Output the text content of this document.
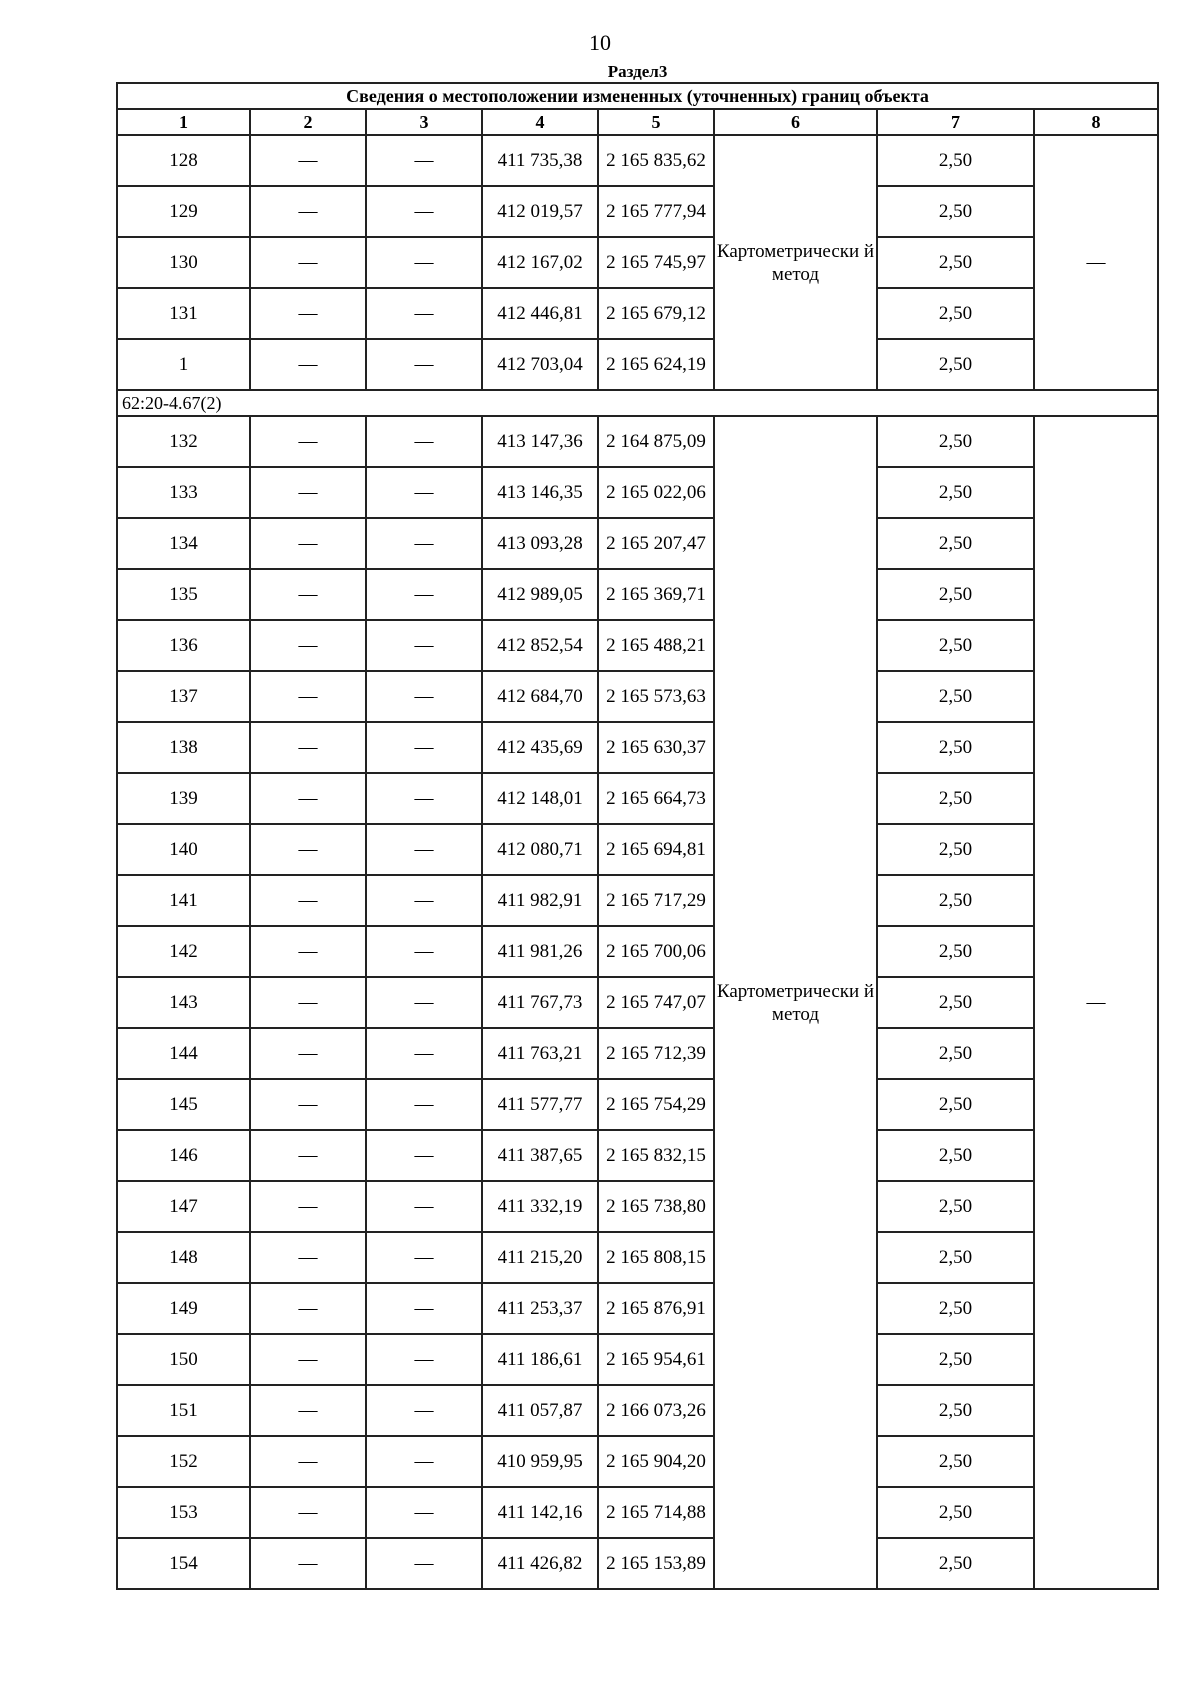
10
Раздел3							
Сведения о местоположении измененных (уточненных) границ объекта							
1	2	3	4	5	6	7	8
128	—	—	411 735,38	2 165 835,62	Картометрически й метод	2,50	—
129	—	—	412 019,57	2 165 777,94		2,50	
130	—	—	412 167,02	2 165 745,97		2,50	
131	—	—	412 446,81	2 165 679,12		2,50	
1	—	—	412 703,04	2 165 624,19		2,50	
62:20-4.67(2)							
132	—	—	413 147,36	2 164 875,09	Картометрически й метод	2,50	—
133	—	—	413 146,35	2 165 022,06		2,50	
134	—	—	413 093,28	2 165 207,47		2,50	
135	—	—	412 989,05	2 165 369,71		2,50	
136	—	—	412 852,54	2 165 488,21		2,50	
137	—	—	412 684,70	2 165 573,63		2,50	
138	—	—	412 435,69	2 165 630,37		2,50	
139	—	—	412 148,01	2 165 664,73		2,50	
140	—	—	412 080,71	2 165 694,81		2,50	
141	—	—	411 982,91	2 165 717,29		2,50	
142	—	—	411 981,26	2 165 700,06		2,50	
143	—	—	411 767,73	2 165 747,07		2,50	
144	—	—	411 763,21	2 165 712,39		2,50	
145	—	—	411 577,77	2 165 754,29		2,50	
146	—	—	411 387,65	2 165 832,15		2,50	
147	—	—	411 332,19	2 165 738,80		2,50	
148	—	—	411 215,20	2 165 808,15		2,50	
149	—	—	411 253,37	2 165 876,91		2,50	
150	—	—	411 186,61	2 165 954,61		2,50	
151	—	—	411 057,87	2 166 073,26		2,50	
152	—	—	410 959,95	2 165 904,20		2,50	
153	—	—	411 142,16	2 165 714,88		2,50	
154	—	—	411 426,82	2 165 153,89		2,50	
